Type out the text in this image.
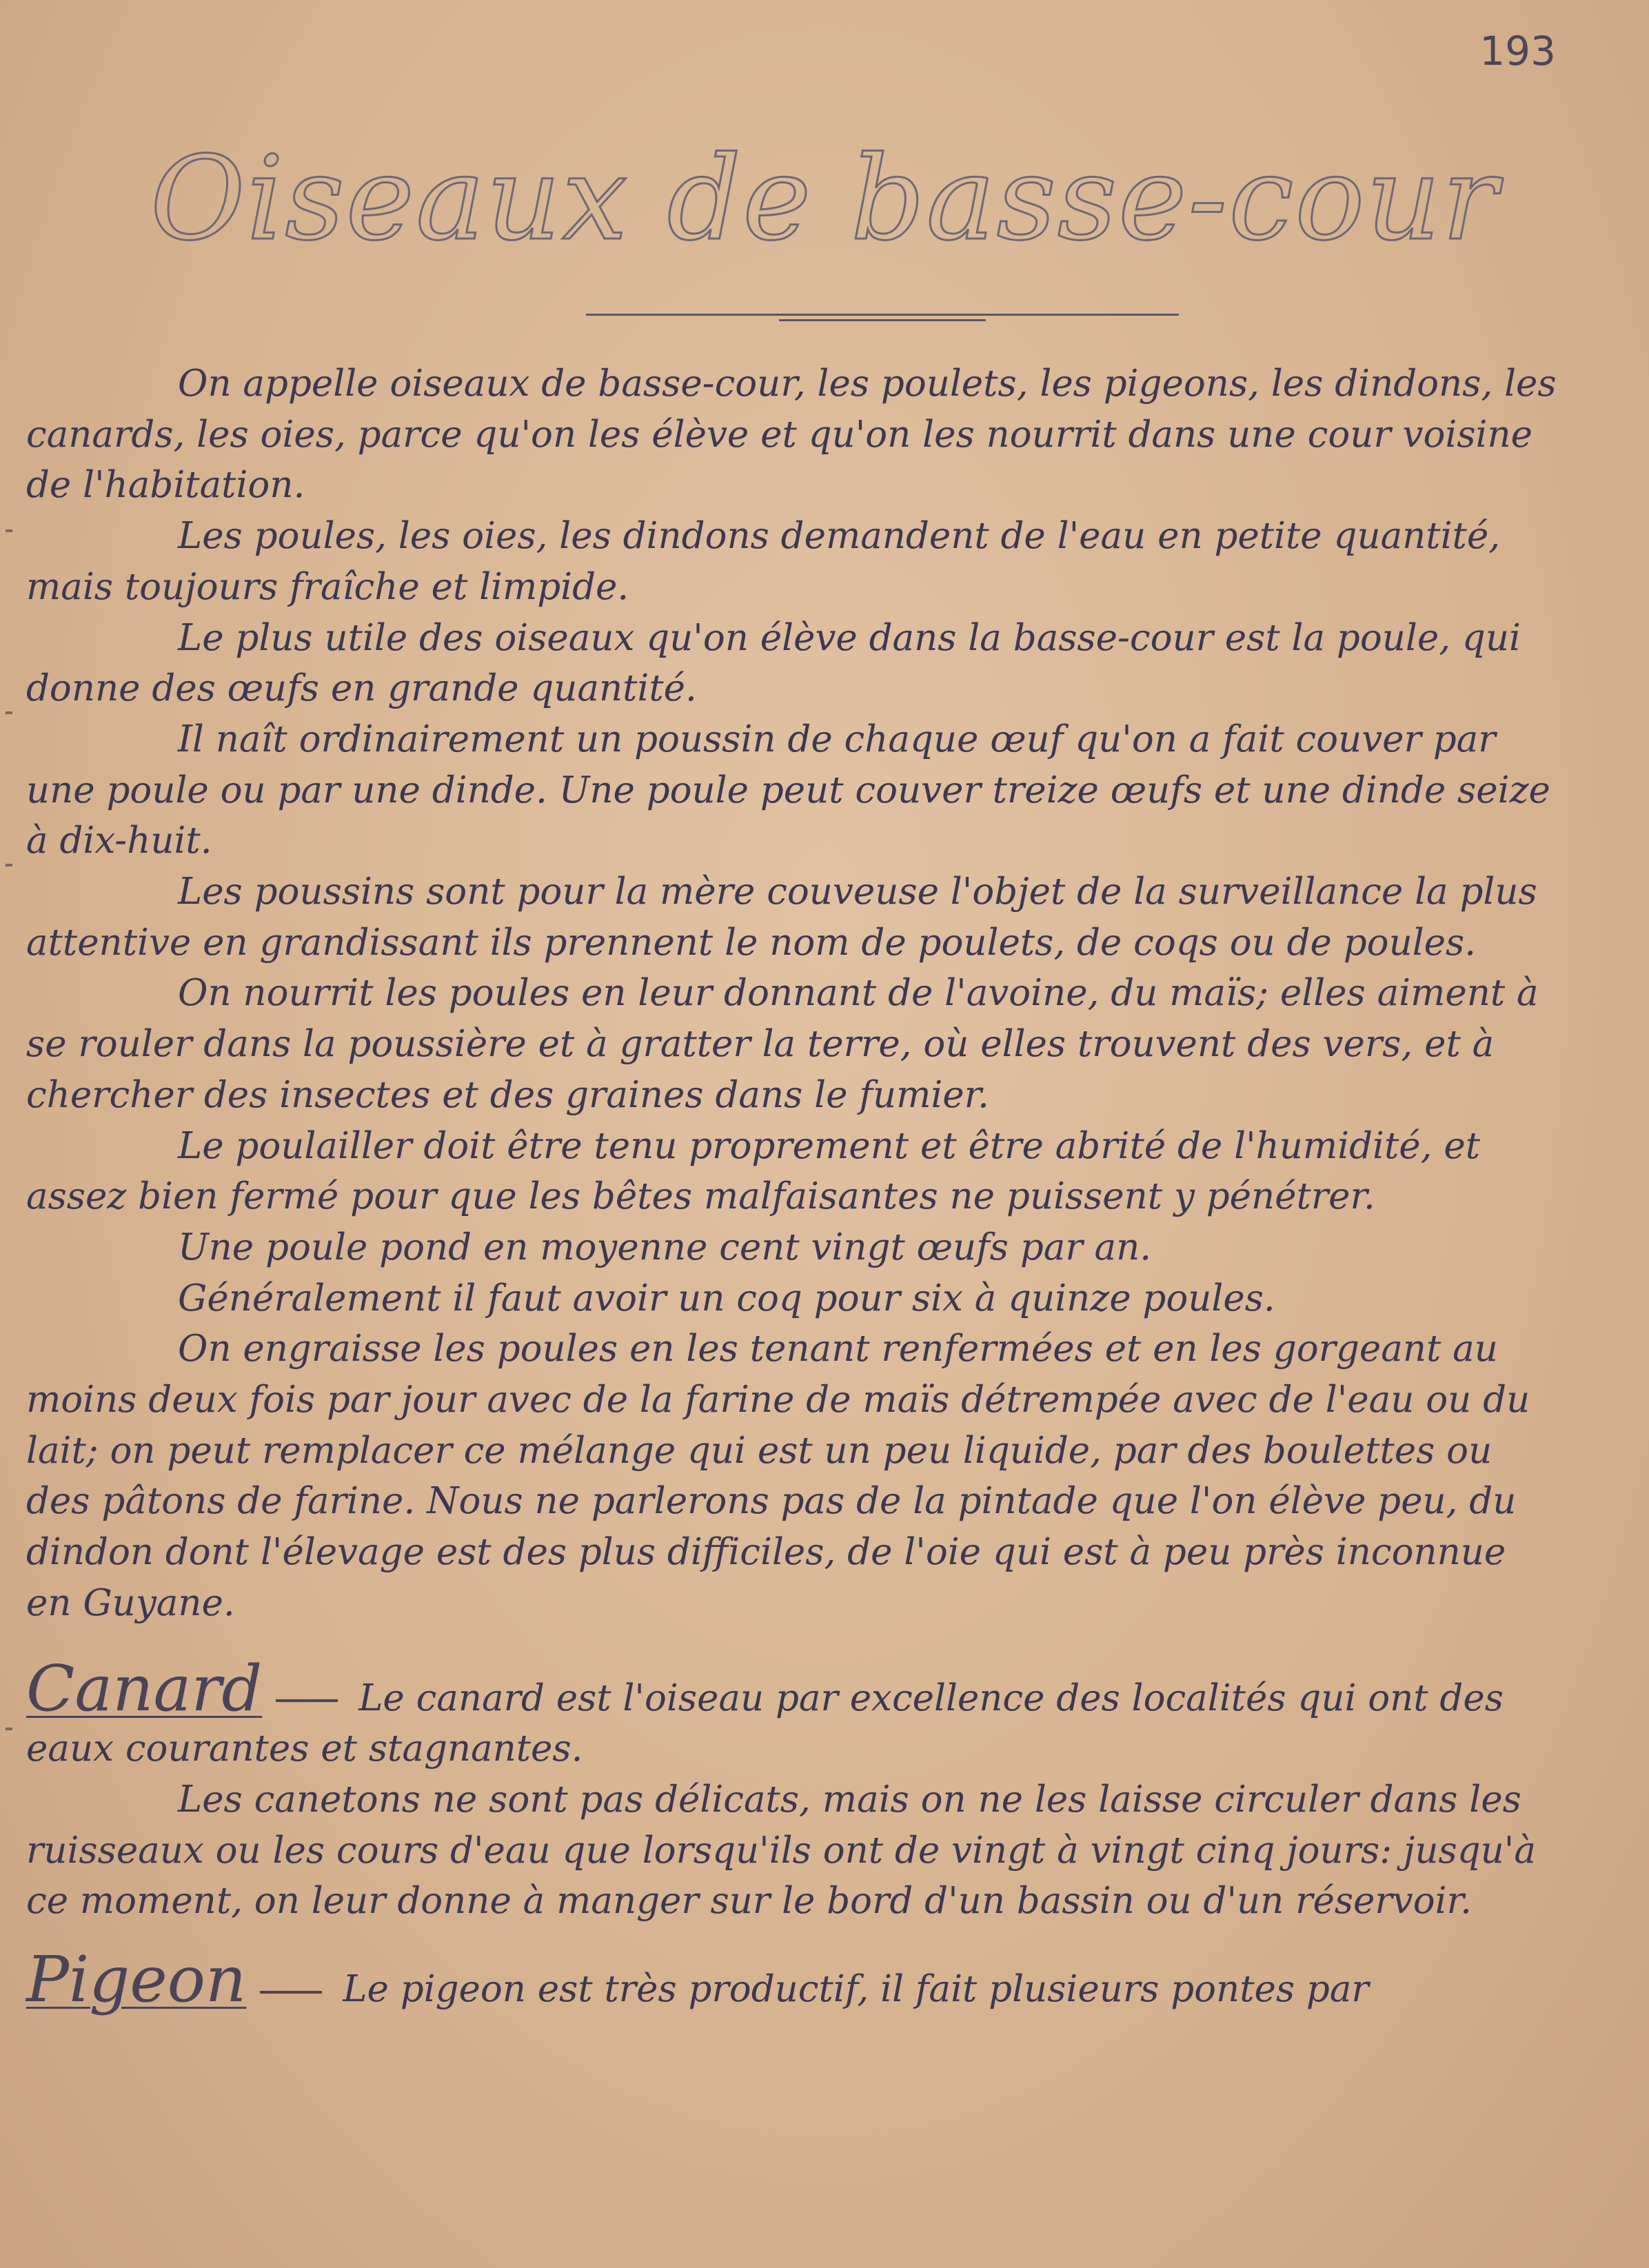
193
Oiseaux de basse-cour

On appelle oiseaux de basse-cour, les poulets, les pigeons, les dindons, les canards, les oies, parce qu'on les élève et qu'on les nourrit dans une cour voisine de l'habitation.

Les poules, les oies, les dindons demandent de l'eau en petite quantité, mais toujours fraîche et limpide.

Le plus utile des oiseaux qu'on élève dans la basse-cour est la poule, qui donne des œufs en grande quantité.

Il naît ordinairement un poussin de chaque œuf qu'on a fait couver par une poule ou par une dinde. Une poule peut couver treize œufs et une dinde seize à dix-huit.

Les poussins sont pour la mère couveuse l'objet de la surveillance la plus attentive en grandissant ils prennent le nom de poulets, de coqs ou de poules.

On nourrit les poules en leur donnant de l'avoine, du maïs; elles aiment à se rouler dans la poussière et à gratter la terre, où elles trouvent des vers, et à chercher des insectes et des graines dans le fumier.

Le poulailler doit être tenu proprement et être abrité de l'humidité, et assez bien fermé pour que les bêtes malfaisantes ne puissent y pénétrer.

Une poule pond en moyenne cent vingt œufs par an.

Généralement il faut avoir un coq pour six à quinze poules.

On engraisse les poules en les tenant renfermées et en les gorgeant au moins deux fois par jour avec de la farine de maïs détrempée avec de l'eau ou du lait; on peut remplacer ce mélange qui est un peu liquide, par des boulettes ou des pâtons de farine. Nous ne parlerons pas de la pintade que l'on élève peu, du dindon dont l'élevage est des plus difficiles, de l'oie qui est à peu près inconnue en Guyane.

Canard	Le canard est l'oiseau par excellence des localités qui ont des eaux courantes et stagnantes.

Les canetons ne sont pas délicats, mais on ne les laisse circuler dans les ruisseaux ou les cours d'eau que lorsqu'ils ont de vingt à vingt cinq jours: jusqu'à ce moment, on leur donne à manger sur le bord d'un bassin ou d'un réservoir.

Pigeon	Le pigeon est très productif, il fait plusieurs pontes par
